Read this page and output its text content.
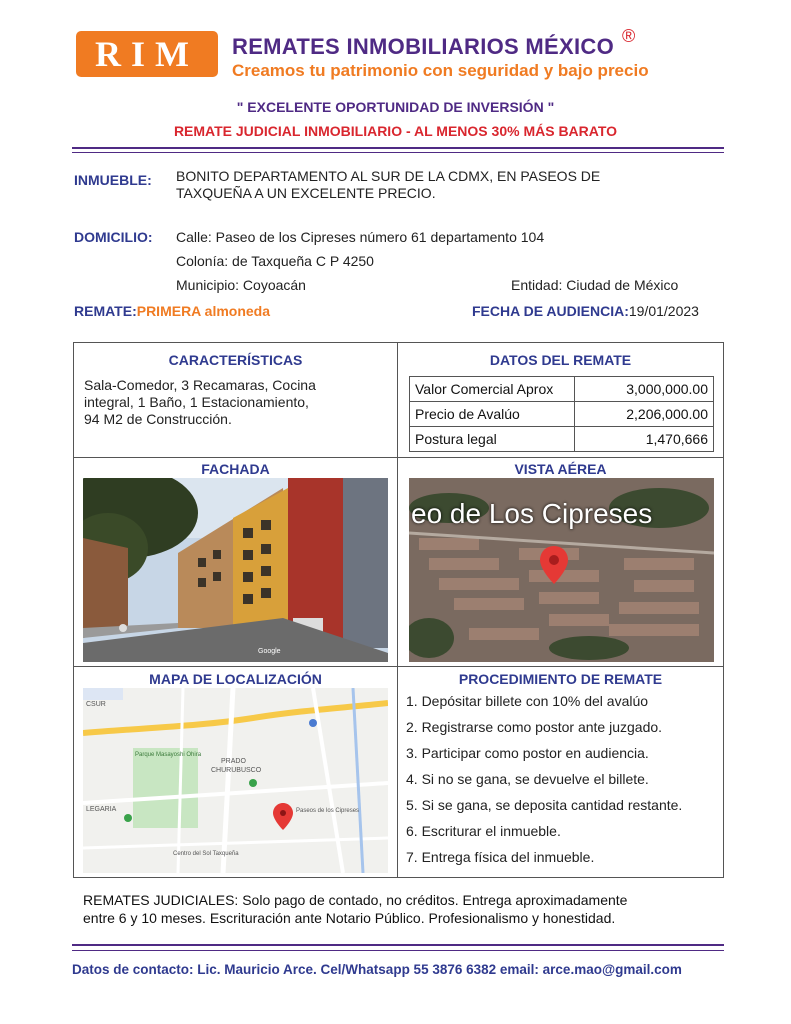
RIM	REMATES INMOBILIARIOS MÉXICO ®
Creamos tu patrimonio con seguridad y bajo precio
" EXCELENTE OPORTUNIDAD DE INVERSIÓN "
REMATE JUDICIAL INMOBILIARIO - AL MENOS 30% MÁS BARATO
INMUEBLE: BONITO DEPARTAMENTO AL SUR DE LA CDMX, EN PASEOS DE
TAXQUEÑA A UN EXCELENTE PRECIO.
DOMICILIO: Calle: Paseo de los Cipreses número 61 departamento 104
Colonía: de Taxqueña C P 4250
Municipio: Coyoacán	Entidad: Ciudad de México
REMATE:PRIMERA almoneda	FECHA DE AUDIENCIA:19/01/2023
CARACTERÍSTICAS
Sala-Comedor, 3 Recamaras, Cocina
integral, 1 Baño, 1 Estacionamiento,
94 M2 de Construcción.
DATOS DEL REMATE
Valor Comercial Aprox	3,000,000.00
Precio de Avalúo	2,206,000.00
Postura legal	1,470,666
FACHADA
Google
VISTA AÉREA
eo de Los Cipreses
MAPA DE LOCALIZACIÓN
PRADO
CHURUBUSCO
Parque Masayoshi Ohira
Paseos de los Cipreses
CSUR
LEGARIA
Centro del Sol Taxqueña
PROCEDIMIENTO DE REMATE
1. Depósitar billete con 10% del avalúo
2. Registrarse como postor ante juzgado.
3. Participar como postor en audiencia.
4. Si no se gana, se devuelve el billete.
5. Si se gana, se deposita cantidad restante.
6. Escriturar el inmueble.
7. Entrega física del inmueble.
REMATES JUDICIALES: Solo pago de contado, no créditos. Entrega aproximadamente
entre 6 y 10 meses. Escrituración ante Notario Público. Profesionalismo y honestidad.
Datos de contacto: Lic. Mauricio Arce. Cel/Whatsapp 55 3876 6382 email: arce.mao@gmail.com
